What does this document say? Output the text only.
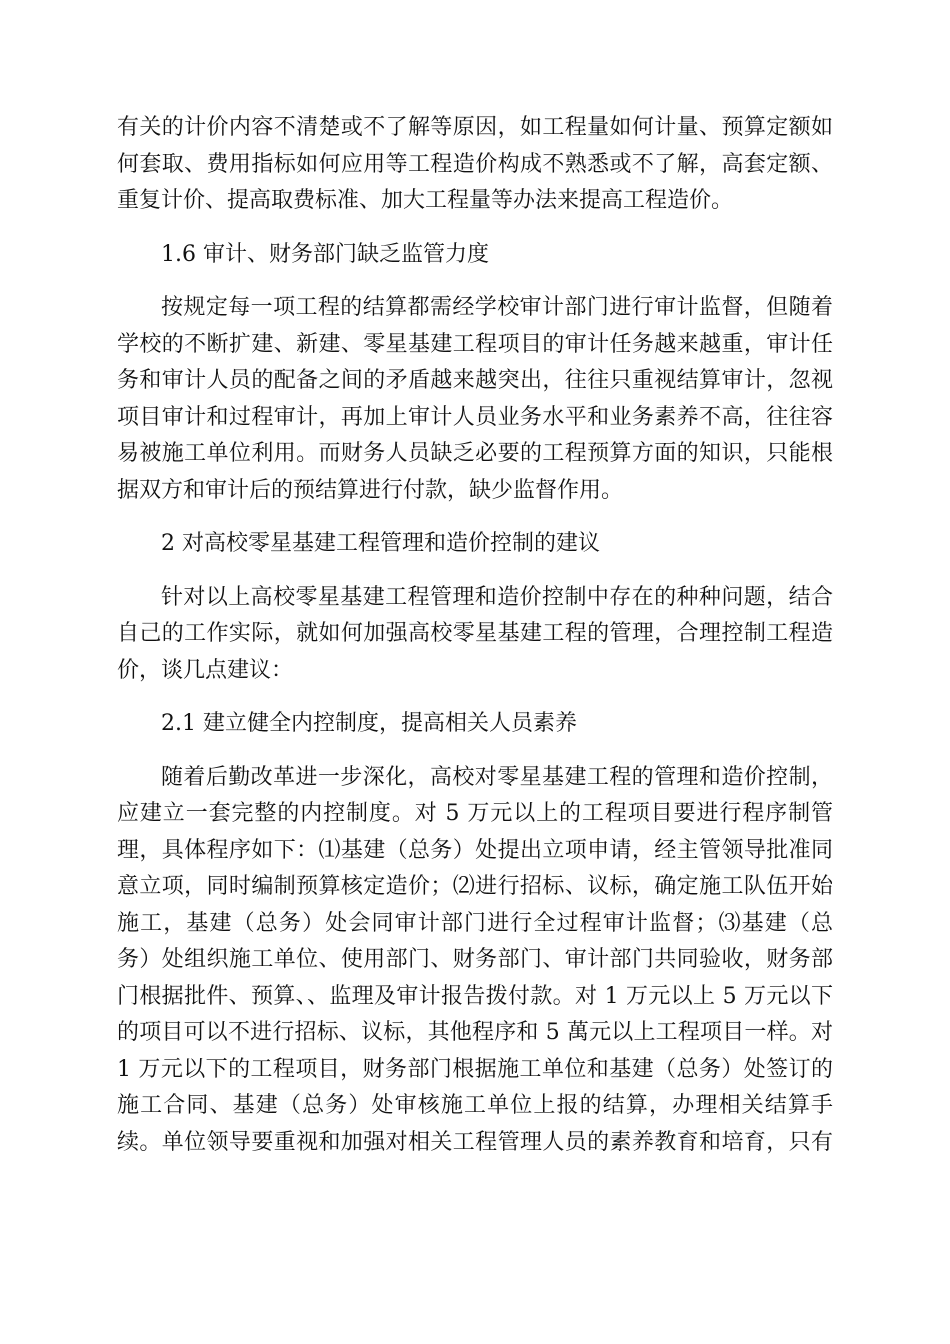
有关的计价内容不清楚或不了解等原因，如工程量如何计量、预算定额如
何套取、费用指标如何应用等工程造价构成不熟悉或不了解，高套定额、
重复计价、提高取费标准、加大工程量等办法来提高工程造价。
1.6 审计、财务部门缺乏监管力度
按规定每一项工程的结算都需经学校审计部门进行审计监督，但随着
学校的不断扩建、新建、零星基建工程项目的审计任务越来越重，审计任
务和审计人员的配备之间的矛盾越来越突出，往往只重视结算审计，忽视
项目审计和过程审计，再加上审计人员业务水平和业务素养不高，往往容
易被施工单位利用。而财务人员缺乏必要的工程预算方面的知识，只能根
据双方和审计后的预结算进行付款，缺少监督作用。
2 对高校零星基建工程管理和造价控制的建议
针对以上高校零星基建工程管理和造价控制中存在的种种问题，结合
自己的工作实际，就如何加强高校零星基建工程的管理，合理控制工程造
价，谈几点建议：
2.1 建立健全内控制度，提高相关人员素养
随着后勤改革进一步深化，高校对零星基建工程的管理和造价控制，
应建立一套完整的内控制度。对 5 万元以上的工程项目要进行程序制管
理，具体程序如下：⑴基建（总务）处提出立项申请，经主管领导批准同
意立项，同时编制预算核定造价；⑵进行招标、议标，确定施工队伍开始
施工，基建（总务）处会同审计部门进行全过程审计监督；⑶基建（总
务）处组织施工单位、使用部门、财务部门、审计部门共同验收，财务部
门根据批件、预算、、监理及审计报告拨付款。对 1 万元以上 5 万元以下
的项目可以不进行招标、议标，其他程序和 5 萬元以上工程项目一样。对
1 万元以下的工程项目，财务部门根据施工单位和基建（总务）处签订的
施工合同、基建（总务）处审核施工单位上报的结算，办理相关结算手
续。单位领导要重视和加强对相关工程管理人员的素养教育和培育，只有
